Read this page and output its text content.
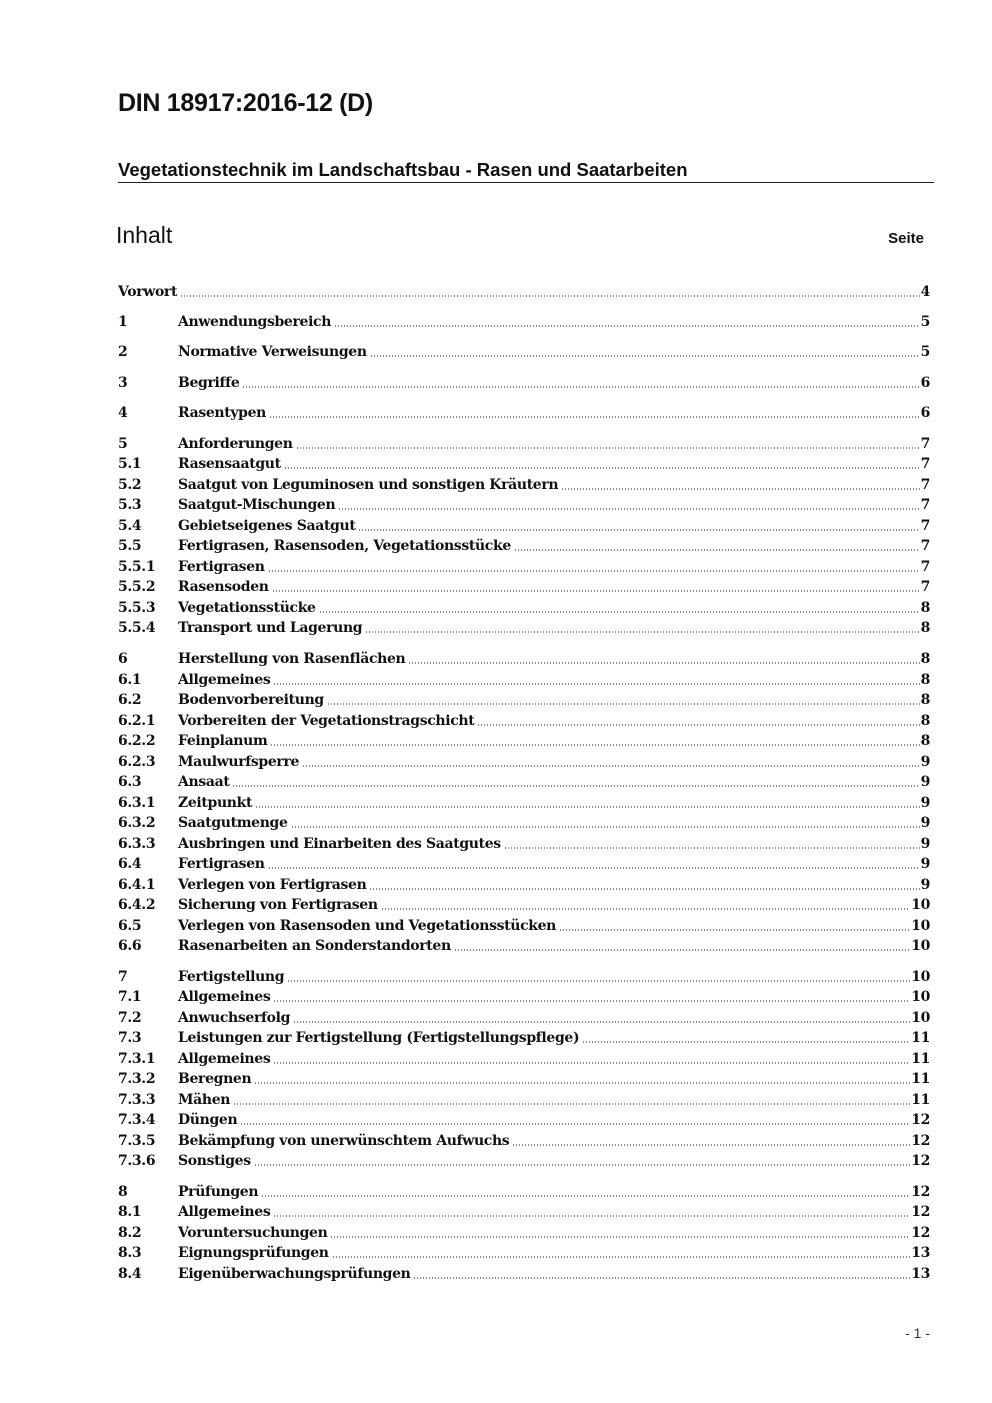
DIN 18917:2016-12 (D)
Vegetationstechnik im Landschaftsbau - Rasen und Saatarbeiten
Inhalt	Seite
Vorwort	4
1	Anwendungsbereich	5
2	Normative Verweisungen	5
3	Begriffe	6
4	Rasentypen	6
5	Anforderungen	7
5.1	Rasensaatgut	7
5.2	Saatgut von Leguminosen und sonstigen Kräutern	7
5.3	Saatgut-Mischungen	7
5.4	Gebietseigenes Saatgut	7
5.5	Fertigrasen, Rasensoden, Vegetationsstücke	7
5.5.1	Fertigrasen	7
5.5.2	Rasensoden	7
5.5.3	Vegetationsstücke	8
5.5.4	Transport und Lagerung	8
6	Herstellung von Rasenflächen	8
6.1	Allgemeines	8
6.2	Bodenvorbereitung	8
6.2.1	Vorbereiten der Vegetationstragschicht	8
6.2.2	Feinplanum	8
6.2.3	Maulwurfsperre	9
6.3	Ansaat	9
6.3.1	Zeitpunkt	9
6.3.2	Saatgutmenge	9
6.3.3	Ausbringen und Einarbeiten des Saatgutes	9
6.4	Fertigrasen	9
6.4.1	Verlegen von Fertigrasen	9
6.4.2	Sicherung von Fertigrasen	10
6.5	Verlegen von Rasensoden und Vegetationsstücken	10
6.6	Rasenarbeiten an Sonderstandorten	10
7	Fertigstellung	10
7.1	Allgemeines	10
7.2	Anwuchserfolg	10
7.3	Leistungen zur Fertigstellung (Fertigstellungspflege)	11
7.3.1	Allgemeines	11
7.3.2	Beregnen	11
7.3.3	Mähen	11
7.3.4	Düngen	12
7.3.5	Bekämpfung von unerwünschtem Aufwuchs	12
7.3.6	Sonstiges	12
8	Prüfungen	12
8.1	Allgemeines	12
8.2	Voruntersuchungen	12
8.3	Eignungsprüfungen	13
8.4	Eigenüberwachungsprüfungen	13
- 1 -
